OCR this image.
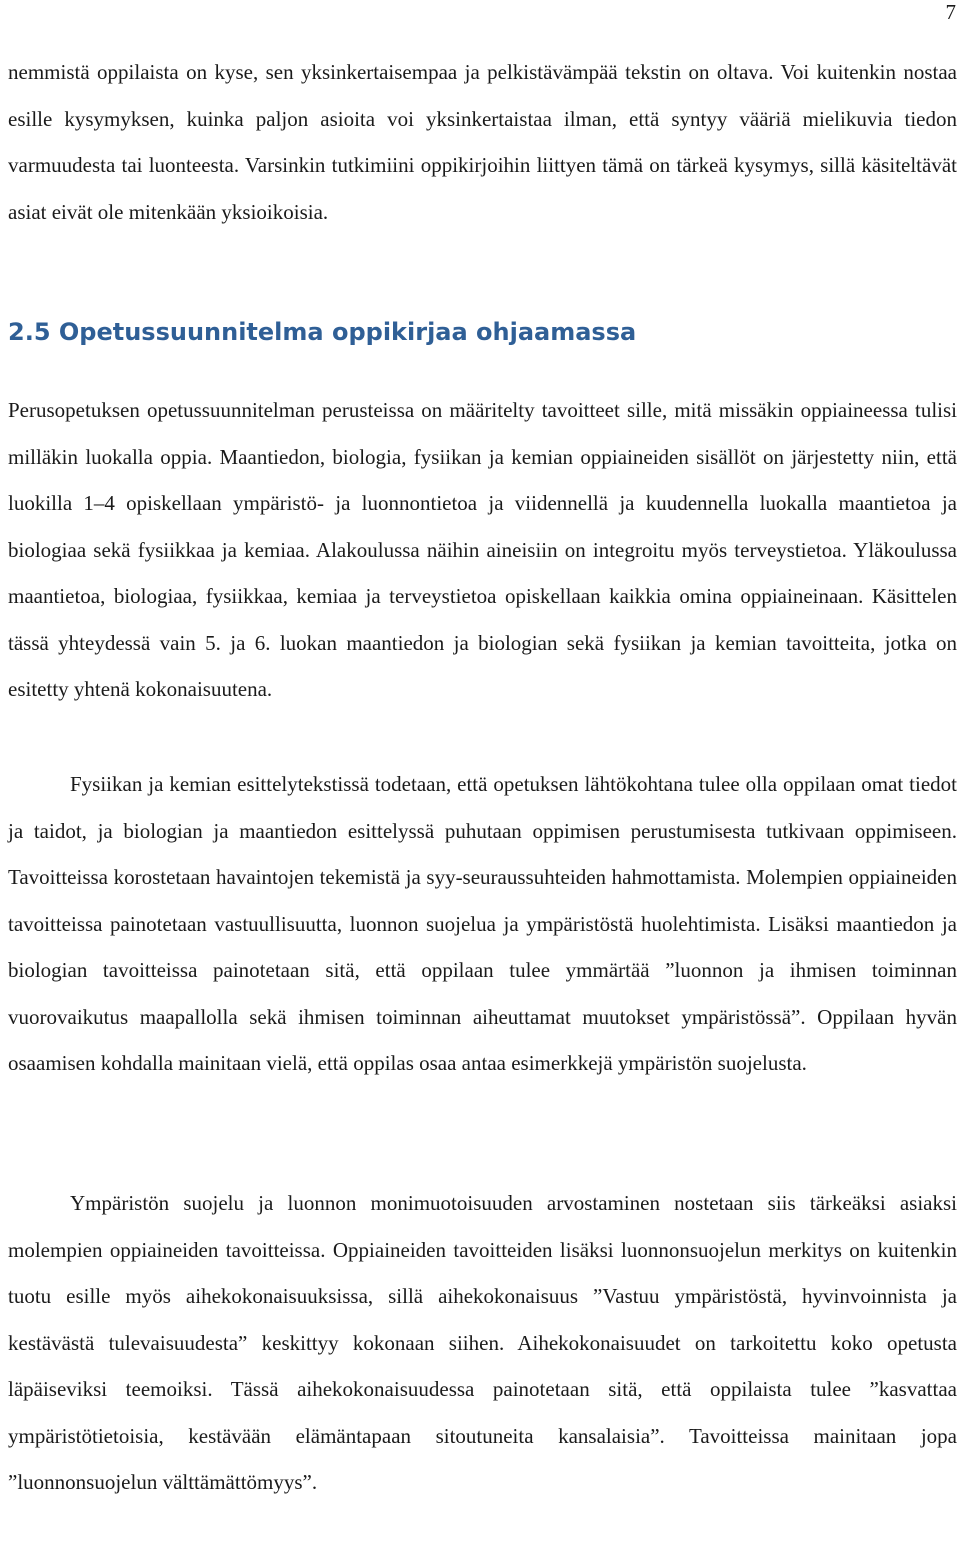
7

nemmistä oppilaista on kyse, sen yksinkertaisempaa ja pelkistävämpää tekstin on oltava. Voi kuitenkin nostaa esille kysymyksen, kuinka paljon asioita voi yksinkertaistaa ilman, että syntyy vääriä mielikuvia tiedon varmuudesta tai luonteesta. Varsinkin tutkimiini oppikirjoihin liittyen tämä on tärkeä kysymys, sillä käsiteltävät asiat eivät ole mitenkään yksioikoisia.

2.5 Opetussuunnitelma oppikirjaa ohjaamassa

Perusopetuksen opetussuunnitelman perusteissa on määritelty tavoitteet sille, mitä missäkin oppiaineessa tulisi milläkin luokalla oppia. Maantiedon, biologia, fysiikan ja kemian oppiaineiden sisällöt on järjestetty niin, että luokilla 1–4 opiskellaan ympäristö- ja luonnontietoa ja viidennellä ja kuudennella luokalla maantietoa ja biologiaa sekä fysiikkaa ja kemiaa. Alakoulussa näihin aineisiin on integroitu myös terveystietoa. Yläkoulussa maantietoa, biologiaa, fysiikkaa, kemiaa ja terveystietoa opiskellaan kaikkia omina oppiaineinaan. Käsittelen tässä yhteydessä vain 5. ja 6. luokan maantiedon ja biologian sekä fysiikan ja kemian tavoitteita, jotka on esitetty yhtenä kokonaisuutena.

Fysiikan ja kemian esittelytekstissä todetaan, että opetuksen lähtökohtana tulee olla oppilaan omat tiedot ja taidot, ja biologian ja maantiedon esittelyssä puhutaan oppimisen perustumisesta tutkivaan oppimiseen. Tavoitteissa korostetaan havaintojen tekemistä ja syy-seuraussuhteiden hahmottamista. Molempien oppiaineiden tavoitteissa painotetaan vastuullisuutta, luonnon suojelua ja ympäristöstä huolehtimista. Lisäksi maantiedon ja biologian tavoitteissa painotetaan sitä, että oppilaan tulee ymmärtää ”luonnon ja ihmisen toiminnan vuorovaikutus maapallolla sekä ihmisen toiminnan aiheuttamat muutokset ympäristössä”. Oppilaan hyvän osaamisen kohdalla mainitaan vielä, että oppilas osaa antaa esimerkkejä ympäristön suojelusta.

Ympäristön suojelu ja luonnon monimuotoisuuden arvostaminen nostetaan siis tärkeäksi asiaksi molempien oppiaineiden tavoitteissa. Oppiaineiden tavoitteiden lisäksi luonnonsuojelun merkitys on kuitenkin tuotu esille myös aihekokonaisuuksissa, sillä aihekokonaisuus ”Vastuu ympäristöstä, hyvinvoinnista ja kestävästä tulevaisuudesta” keskittyy kokonaan siihen. Aihekokonaisuudet on tarkoitettu koko opetusta läpäiseviksi teemoiksi. Tässä aihekokonaisuudessa painotetaan sitä, että oppilaista tulee ”kasvattaa ympäristötietoisia, kestävään elämäntapaan sitoutuneita kansalaisia”. Tavoitteissa mainitaan jopa ”luonnonsuojelun välttämättömyys”.
